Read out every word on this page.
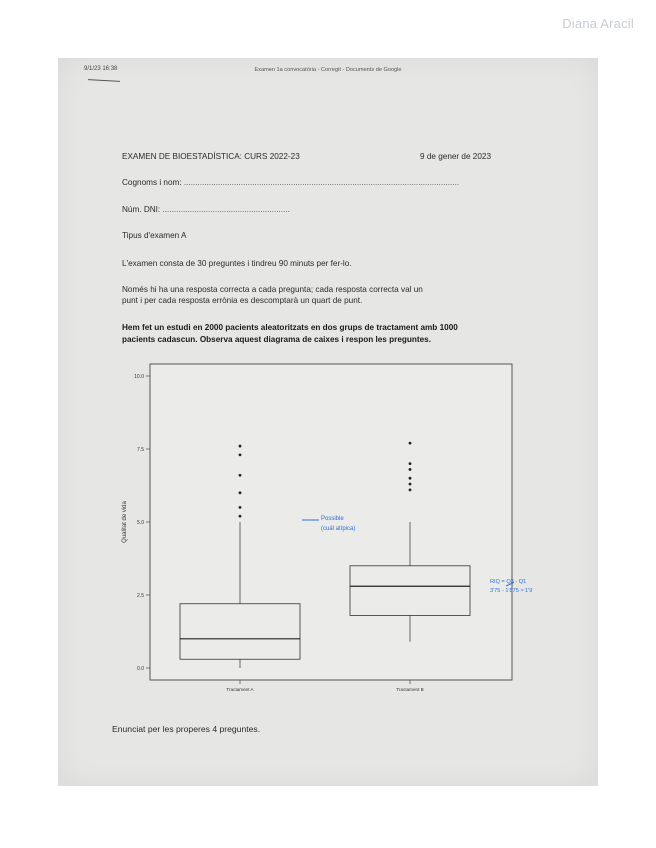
Diana Aracil
9/1/23 16:38	Examen 1a convocatòria - Corregit - Documents de Google
EXAMEN DE BIOESTADÍSTICA: CURS 2022-23	9 de gener de 2023
Cognoms i nom: .........................................................................................................................
Núm. DNI: ........................................................
Tipus d'examen A
L'examen consta de 30 preguntes i tindreu 90 minuts per fer-lo.
Només hi ha una resposta correcta a cada pregunta; cada resposta correcta val un
punt i per cada resposta errònia es descomptarà un quart de punt.
Hem fet un estudi en 2000 pacients aleatoritzats en dos grups de tractament amb 1000
pacients cadascun. Observa aquest diagrama de caixes i respon les preguntes.
Qualitat de vida
0.0
2.5
5.0
7.5
10.0
Tractament A	Tractament B
Possible
(cuál atípica)
RIQ = Q3 - Q1
3'75 - 1'875 ≈ 1'9
Enunciat per les properes 4 preguntes.
